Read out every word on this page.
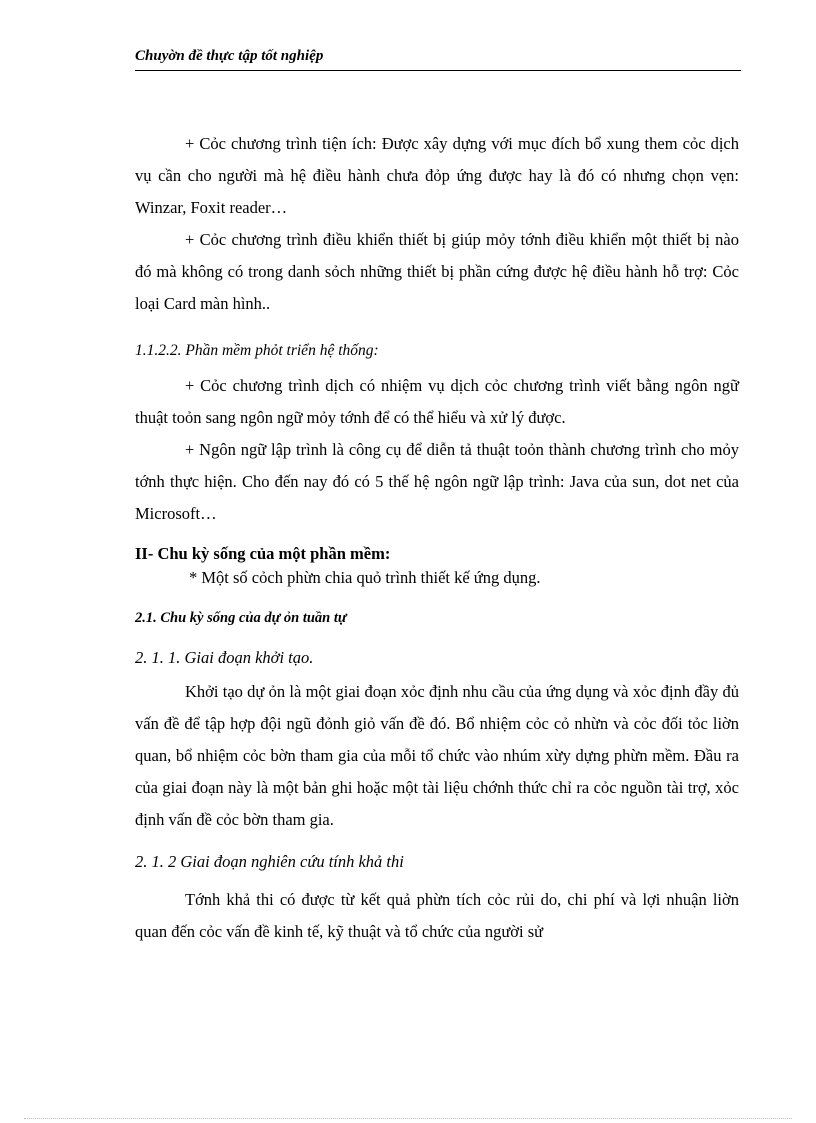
Chuyờn đề thực tập tốt nghiệp

+ Cỏc chương trình tiện ích: Được xây dựng với mục đích bổ xung them cỏc dịch vụ cần cho người mà hệ điều hành chưa đỏp ứng được hay là đó có nhưng chọn vẹn: Winzar, Foxit reader…

+ Cỏc chương trình điều khiển thiết bị giúp mỏy tớnh điều khiển một thiết bị nào đó mà không có trong danh sỏch những thiết bị phần cứng được hệ điều hành hỗ trợ: Cỏc loại Card màn hình..

1.1.2.2. Phần mềm phỏt triển hệ thống:

+ Cỏc chương trình dịch có nhiệm vụ dịch cỏc chương trình viết bằng ngôn ngữ thuật toỏn sang ngôn ngữ mỏy tớnh để có thể hiểu và xử lý được.

+ Ngôn ngữ lập trình là công cụ để diễn tả thuật toỏn thành chương trình cho mỏy tớnh thực hiện. Cho đến nay đó có 5 thế hệ ngôn ngữ lập trình: Java của sun, dot net của Microsoft…

II- Chu kỳ sống của một phần mềm:

* Một số cỏch phừn chia quỏ trình thiết kế ứng dụng.

2.1. Chu kỳ sống của dự ỏn tuần tự

2. 1. 1. Giai đoạn khởi tạo.

Khởi tạo dự ỏn là một giai đoạn xỏc định nhu cầu của ứng dụng và xỏc định đầy đủ vấn đề để tập hợp đội ngũ đỏnh giỏ vấn đề đó. Bổ nhiệm cỏc cỏ nhừn và cỏc đối tỏc liờn quan, bổ nhiệm cỏc bờn tham gia của mỗi tổ chức vào nhúm xừy dựng phừn mềm. Đầu ra của giai đoạn này là một bản ghi hoặc một tài liệu chớnh thức chỉ ra cỏc nguồn tài trợ, xỏc định vấn đề cỏc bờn tham gia.

2. 1. 2 Giai đoạn nghiên cứu tính khả thi

Tớnh khả thi có được từ kết quả phừn tích cỏc rủi do, chi phí và lợi nhuận liờn quan đến cỏc vấn đề kinh tế, kỹ thuật và tổ chức của người sử
